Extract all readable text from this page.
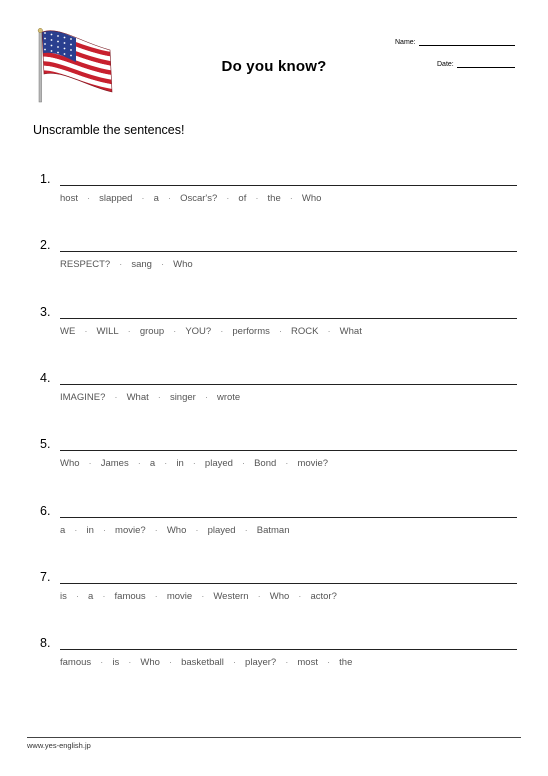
Do you know?
Name:
Date:
Unscramble the sentences!
1.
host · slapped · a · Oscar's? · of · the · Who
2.
RESPECT? · sang · Who
3.
WE · WILL · group · YOU? · performs · ROCK · What
4.
IMAGINE? · What · singer · wrote
5.
Who · James · a · in · played · Bond · movie?
6.
a · in · movie? · Who · played · Batman
7.
is · a · famous · movie · Western · Who · actor?
8.
famous · is · Who · basketball · player? · most · the
www.yes-english.jp
